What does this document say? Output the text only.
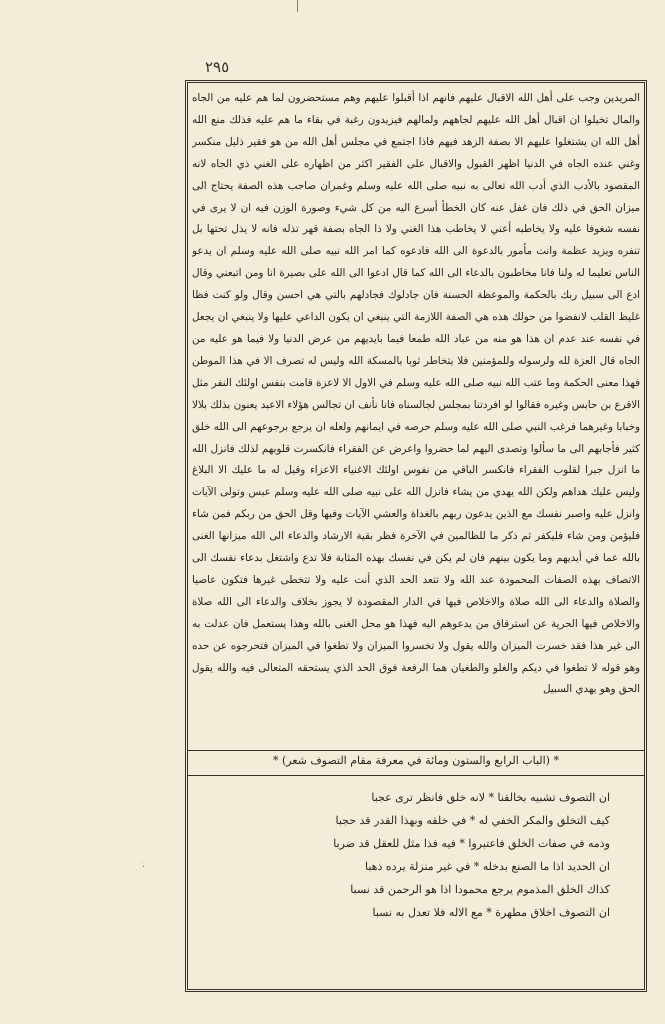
٢٩٥
المريدين وجب على أهل الله الاقبال عليهم فانهم اذا أقبلوا عليهم وهم مستحضرون لما هم عليه من الجاه والمال تخيلوا ان اقبال أهل الله عليهم لجاههم ولمالهم فيزيدون رغبة في بقاء ما هم عليه فذلك منع الله أهل الله ان يشتغلوا عليهم الا بصفة الزهد فيهم فاذا اجتمع في مجلس أهل الله من هو فقير ذليل منكسر وغني عنده الجاه في الدنيا اظهر القبول والاقبال على الفقير اكثر من اظهاره على الغني ذي الجاه لانه المقصود بالأدب الذي أدب الله تعالى به نبيه صلى الله عليه وسلم وغمران صاحب هذه الصفة يحتاج الى ميزان الحق في ذلك فان غفل عنه كان الخطأ أسرع اليه من كل شيء وصورة الوزن فيه ان لا يرى في نفسه شغوفا عليه ولا يخاطبه أعني لا يخاطب هذا الغني ولا ذا الجاه بصفة قهر تذله فانه لا يذل تحتها بل تنفره ويزيد عظمة وانت مأمور بالدعوة الى الله فادعوه كما امر الله نبيه صلى الله عليه وسلم ان يدعو الناس تعليما له ولنا فانا مخاطبون بالدعاء الى الله كما قال ادعوا الى الله على بصيرة انا ومن اتبعني وقال ادع الى سبيل ربك بالحكمة والموعظة الحسنة فان جادلوك فجادلهم بالتي هي احسن وقال ولو كنت فظا غليظ القلب لانفضوا من حولك هذه هي الصفة اللازمة التي ينبغي ان يكون الداعي عليها ولا ينبغي ان يجعل في نفسه عند عدم ان هذا هو منه من عباد الله طمعا فيما بايديهم من عرض الدنيا ولا فيما هو عليه من الجاه قال العزة لله ولرسوله وللمؤمنين فلا يتخاطر ثوبا بالمسكة الله وليس له تصرف الا في هذا الموطن فهذا معنى الحكمة وما عتب الله نبيه صلى الله عليه وسلم في الاول الا لاعزة قامت بنفس اولئك النفر مثل الاقرع بن حابس وغيره فقالوا لو افردتنا بمجلس لجالسناه فانا نأنف ان تجالس هؤلاء الاعبد يعنون بذلك بلالا وخبابا وغيرهما فرغب النبي صلى الله عليه وسلم حرصه في ايمانهم ولعله ان يرجع برجوعهم الى الله خلق كثير فأجابهم الى ما سألوا وتصدى اليهم لما حضروا واعرض عن الفقراء فانكسرت قلوبهم لذلك فانزل الله ما انزل جبرا لقلوب الفقراء فانكسر الباقي من نفوس اولئك الاغنياء الاعزاء وقيل له ما عليك الا البلاغ وليس عليك هداهم ولكن الله يهدي من يشاء فانزل الله على نبيه صلى الله عليه وسلم عبس وتولى الآيات وانزل عليه واصبر نفسك مع الذين يدعون ربهم بالغداة والعشي الآيات وفيها وقل الحق من ربكم فمن شاء فليؤمن ومن شاء فليكفر ثم ذكر ما للظالمين في الآخرة فظر بقية الارشاد والدعاء الى الله ميزانها الغنى بالله عما في أيديهم وما يكون بينهم فان لم يكن في نفسك بهذه المثابة فلا تدع واشتغل بدعاء نفسك الى الاتصاف بهذه الصفات المحمودة عند الله ولا تتعد الحد الذي أنت عليه ولا تتخطى غيرها فتكون عاصيا والصلاة والدعاء الى الله صلاة والاخلاص فيها في الدار المقصودة لا يجوز بخلاف والدعاء الى الله صلاة والاخلاص فيها الحرية عن استرقاق من يدعوهم اليه فهذا هو محل الغنى بالله وهذا يستعمل فان عدلت به الى غير هذا فقد خسرت الميزان والله يقول ولا تخسروا الميزان ولا تطغوا في الميزان فتحرجوه عن حده وهو قوله لا تطغوا في ديكم والغلو والطغيان هما الرفعة فوق الحد الذي يستحقه المتعالى فيه والله يقول الحق وهو يهدي السبيل
* (الباب الرابع والستون ومائة في معرفة مقام التصوف شعر) *
ان التصوف تشبيه بخالقنا * لانه خلق فانظر ترى عجبا
كيف التخلق والمكر الخفي له * في خلقه وبهذا القدر قد حجبا
وذمه في صفات الخلق فاعتبروا * فيه فذا مثل للعقل قد ضربا
ان الحديد اذا ما الصنع بدخله * في غير منزلة يرده ذهبا
كذاك الخلق المذموم يرجع محمودا اذا هو الرحمن قد نسبا
ان التصوف اخلاق مطهرة * مع الاله فلا تعدل به نسبا
·ׄ
